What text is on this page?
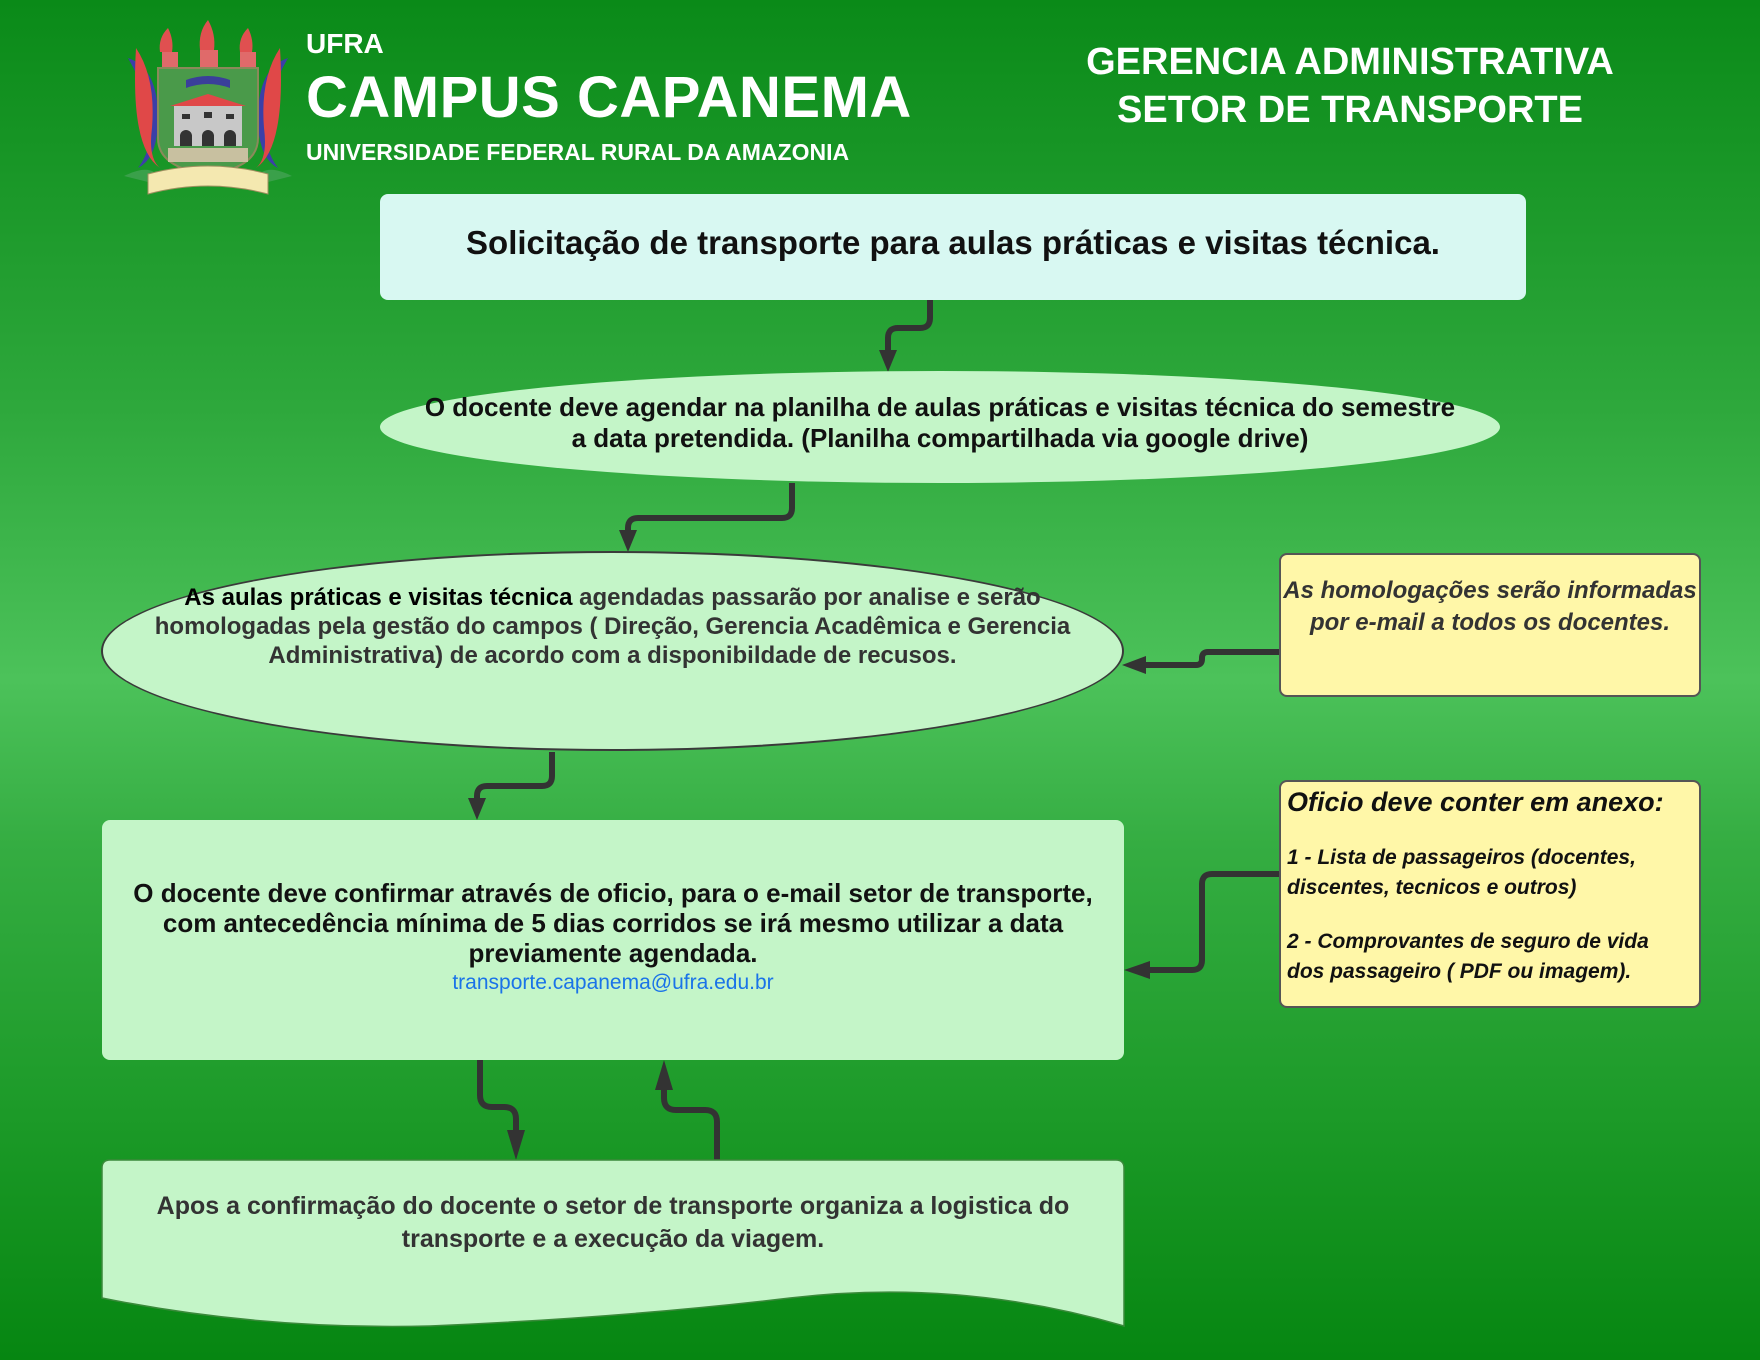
UFRA
CAMPUS CAPANEMA
UNIVERSIDADE FEDERAL RURAL DA AMAZONIA
GERENCIA ADMINISTRATIVA
SETOR DE TRANSPORTE
Solicitação de transporte para aulas práticas e visitas técnica.
O docente deve agendar na planilha de aulas práticas e visitas técnica do semestre a data pretendida. (Planilha compartilhada via google drive)
As aulas práticas e visitas técnica agendadas passarão por analise e serão homologadas pela gestão do campos ( Direção, Gerencia Acadêmica e Gerencia Administrativa) de acordo com a disponibildade de recusos.
As homologações serão informadas por e-mail a todos os docentes.
O docente deve confirmar através de oficio, para o e-mail setor de transporte, com antecedência mínima de 5 dias corridos se irá mesmo utilizar a data previamente agendada.
transporte.capanema@ufra.edu.br
Oficio deve conter em anexo:
1 - Lista de passageiros (docentes, discentes, tecnicos e outros)
2 - Comprovantes de seguro de vida dos passageiro ( PDF ou imagem).
Apos a confirmação do docente o setor de transporte organiza a logistica do transporte e a execução da viagem.
